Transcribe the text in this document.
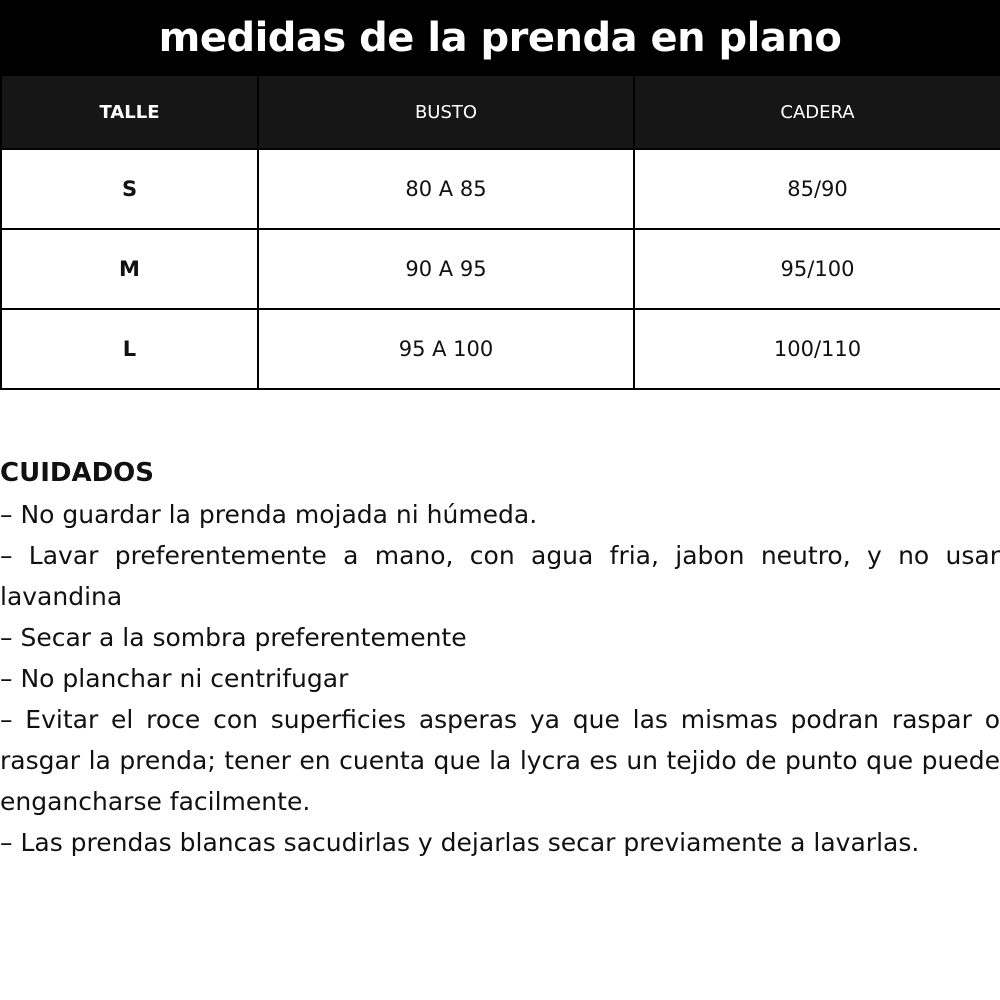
medidas de la prenda en plano
TALLE	BUSTO	CADERA
S	80 A 85	85/90
M	90 A 95	95/100
L	95 A 100	100/110
CUIDADOS

– No guardar la prenda mojada ni húmeda.

– Lavar preferentemente a mano, con agua fria, jabon neutro, y no usar lavandina

– Secar a la sombra preferentemente

– No planchar ni centrifugar

– Evitar el roce con superficies asperas ya que las mismas podran raspar o rasgar la prenda; tener en cuenta que la lycra es un tejido de punto que puede engancharse facilmente.

– Las prendas blancas sacudirlas y dejarlas secar previamente a lavarlas.
